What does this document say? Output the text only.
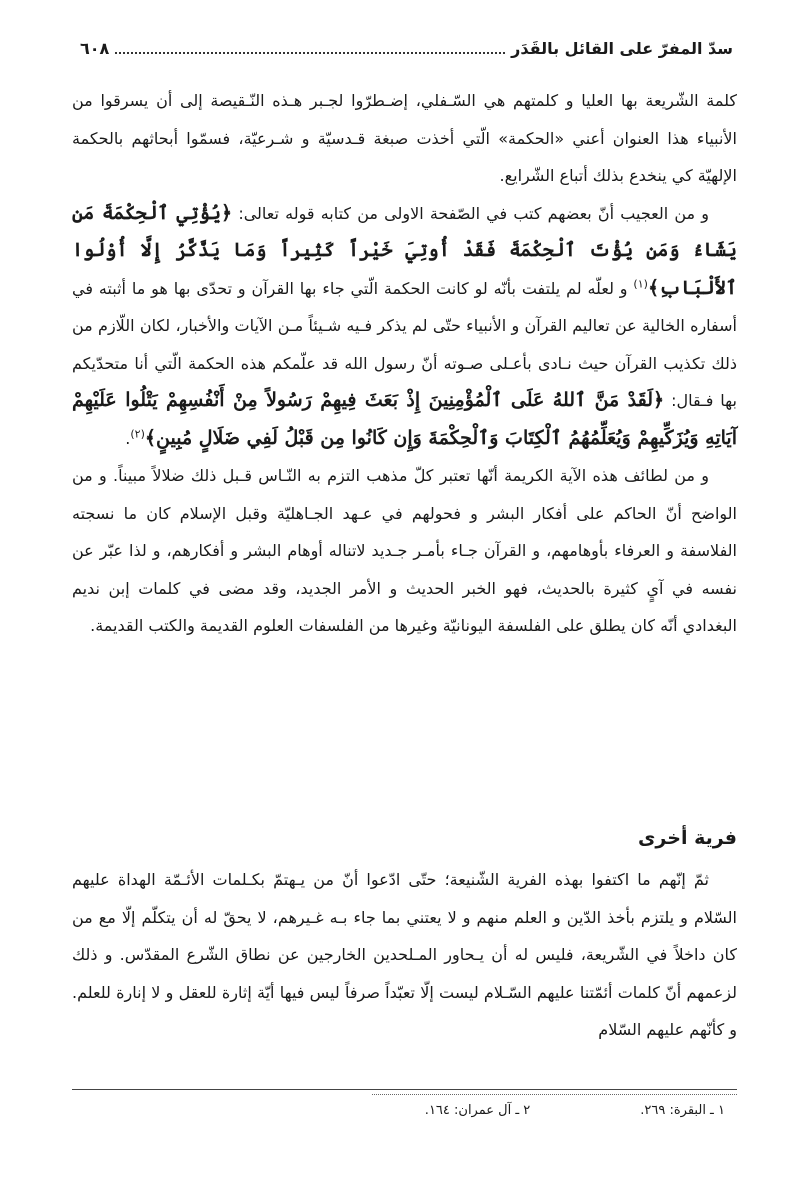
سدّ المفرّ على القائل بالقَدَر
٦٠٨

كلمة الشّريعة بها العليا و كلمتهم هي السّـفلي، إضـطرّوا لجـبر هـذه النّـقيصة إلى أن يسرقوا من الأنبياء هذا العنوان أعني «الحكمة» الّتي أخذت صبغة قـدسيّة و شـرعيّة، فسمّوا أبحاثهم بالحكمة الإلهيّة كي ينخدع بذلك أتباع الشّرايع.

و من العجيب أنّ بعضهم كتب في الصّفحة الاولى من كتابه قوله تعالى: ﴿يُؤْتِي ٱلْحِكْمَةَ مَن يَشَاءُ وَمَن يُؤْتَ ٱلْحِكْمَةَ فَقَدْ أُوتِيَ خَيْراً كَثِيراً وَمَا يَذَّكَّرُ إِلَّا أُوْلُوا ٱلأَلْبَابِ﴾$^{(١)}$ و لعلّه لم يلتفت بأنّه لو كانت الحكمة الّتي جاء بها القرآن و تحدّى بها هو ما أثبته في أسفاره الخالية عن تعاليم القرآن و الأنبياء حتّى لم يذكر فـيه شـيئاً مـن الآيات والأخبار، لكان اللّازم من ذلك تكذيب القرآن حيث نـادى بأعـلى صـوته أنّ رسول الله قد علّمكم هذه الحكمة الّتي أنا متحدّيكم بها فـقال: ﴿لَقَدْ مَنَّ ٱللهُ عَلَى ٱلْمُؤْمِنِينَ إِذْ بَعَثَ فِيهِمْ رَسُولاً مِنْ أَنْفُسِهِمْ يَتْلُوا عَلَيْهِمْ آيَاتِهِ وَيُزَكِّيهِمْ وَيُعَلِّمُهُمُ ٱلْكِتَابَ وَٱلْحِكْمَةَ وَإِن كَانُوا مِن قَبْلُ لَفِي ضَلَالٍ مُبِينٍ﴾$^{(٢)}$.

و من لطائف هذه الآية الكريمة أنّها تعتبر كلّ مذهب التزم به النّـاس قـبل ذلك ضلالاً مبيناً. و من الواضح أنّ الحاكم على أفكار البشر و فحولهم في عـهد الجـاهليّة وقبل الإسلام كان ما نسجته الفلاسفة و العرفاء بأوهامهم، و القرآن جـاء بأمـر جـديد لاتناله أوهام البشر و أفكارهم، و لذا عبّر عن نفسه في آيٍ كثيرة بالحديث، فهو الخبر الحديث و الأمر الجديد، وقد مضى في كلمات إبن نديم البغدادي أنّه كان يطلق على الفلسفة اليونانيّة وغيرها من الفلسفات العلوم القديمة والكتب القديمة.

فرية أخرى

ثمّ إنّهم ما اكتفوا بهذه الفرية الشّنيعة؛ حتّى ادّعوا أنّ من يـهتمّ بكـلمات الأئـمّة الهداة عليهم السّلام و يلتزم بأخذ الدّين و العلم منهم و لا يعتني بما جاء بـه غـيرهم، لا يحقّ له أن يتكلّم إلّا مع من كان داخلاً في الشّريعة، فليس له أن يـحاور المـلحدين الخارجين عن نطاق الشّرع المقدّس. و ذلك لزعمهم أنّ كلمات أئمّتنا عليهم السّـلام ليست إلّا تعبّداً صرفاً ليس فيها أيّة إثارة للعقل و لا إنارة للعلم. و كأنّهم عليهم السّلام

١ ـ البقرة: ٢٦٩.
٢ ـ آل عمران: ١٦٤.
